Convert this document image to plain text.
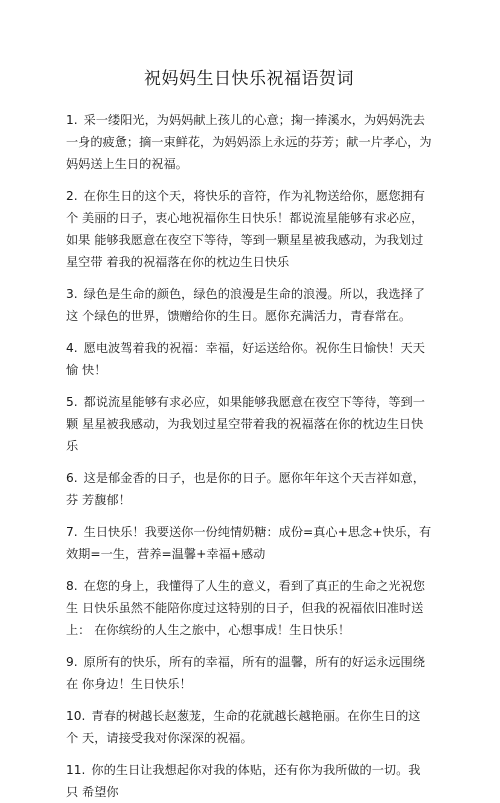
祝妈妈生日快乐祝福语贺词

1. 采一缕阳光，为妈妈献上孩儿的心意；掬一捧溪水，为妈妈洗去 一身的疲惫；摘一束鲜花，为妈妈添上永远的芬芳；献一片孝心，为 妈妈送上生日的祝福。

2. 在你生日的这个天，将快乐的音符，作为礼物送给你，愿您拥有个 美丽的日子，衷心地祝福你生日快乐！都说流星能够有求必应，如果 能够我愿意在夜空下等待，等到一颗星星被我感动，为我划过星空带 着我的祝福落在你的枕边生日快乐

3. 绿色是生命的颜色，绿色的浪漫是生命的浪漫。所以，我选择了这 个绿色的世界，馈赠给你的生日。愿你充满活力，青春常在。

4. 愿电波驾着我的祝福：幸福，好运送给你。祝你生日愉快！天天愉 快！

5. 都说流星能够有求必应，如果能够我愿意在夜空下等待，等到一颗 星星被我感动，为我划过星空带着我的祝福落在你的枕边生日快乐

6. 这是郁金香的日子，也是你的日子。愿你年年这个天吉祥如意，芬 芳馥郁！

7. 生日快乐！我要送你一份纯情奶糖：成份=真心+思念+快乐，有 效期=一生，营养=温馨+幸福+感动

8. 在您的身上，我懂得了人生的意义，看到了真正的生命之光祝您生 日快乐虽然不能陪你度过这特别的日子，但我的祝福依旧准时送上： 在你缤纷的人生之旅中，心想事成！生日快乐！

9. 原所有的快乐，所有的幸福，所有的温馨，所有的好运永远围绕在 你身边！生日快乐！

10. 青春的树越长赵葱茏，生命的花就越长越艳丽。在你生日的这个 天，请接受我对你深深的祝福。

11. 你的生日让我想起你对我的体贴，还有你为我所做的一切。我只 希望你
